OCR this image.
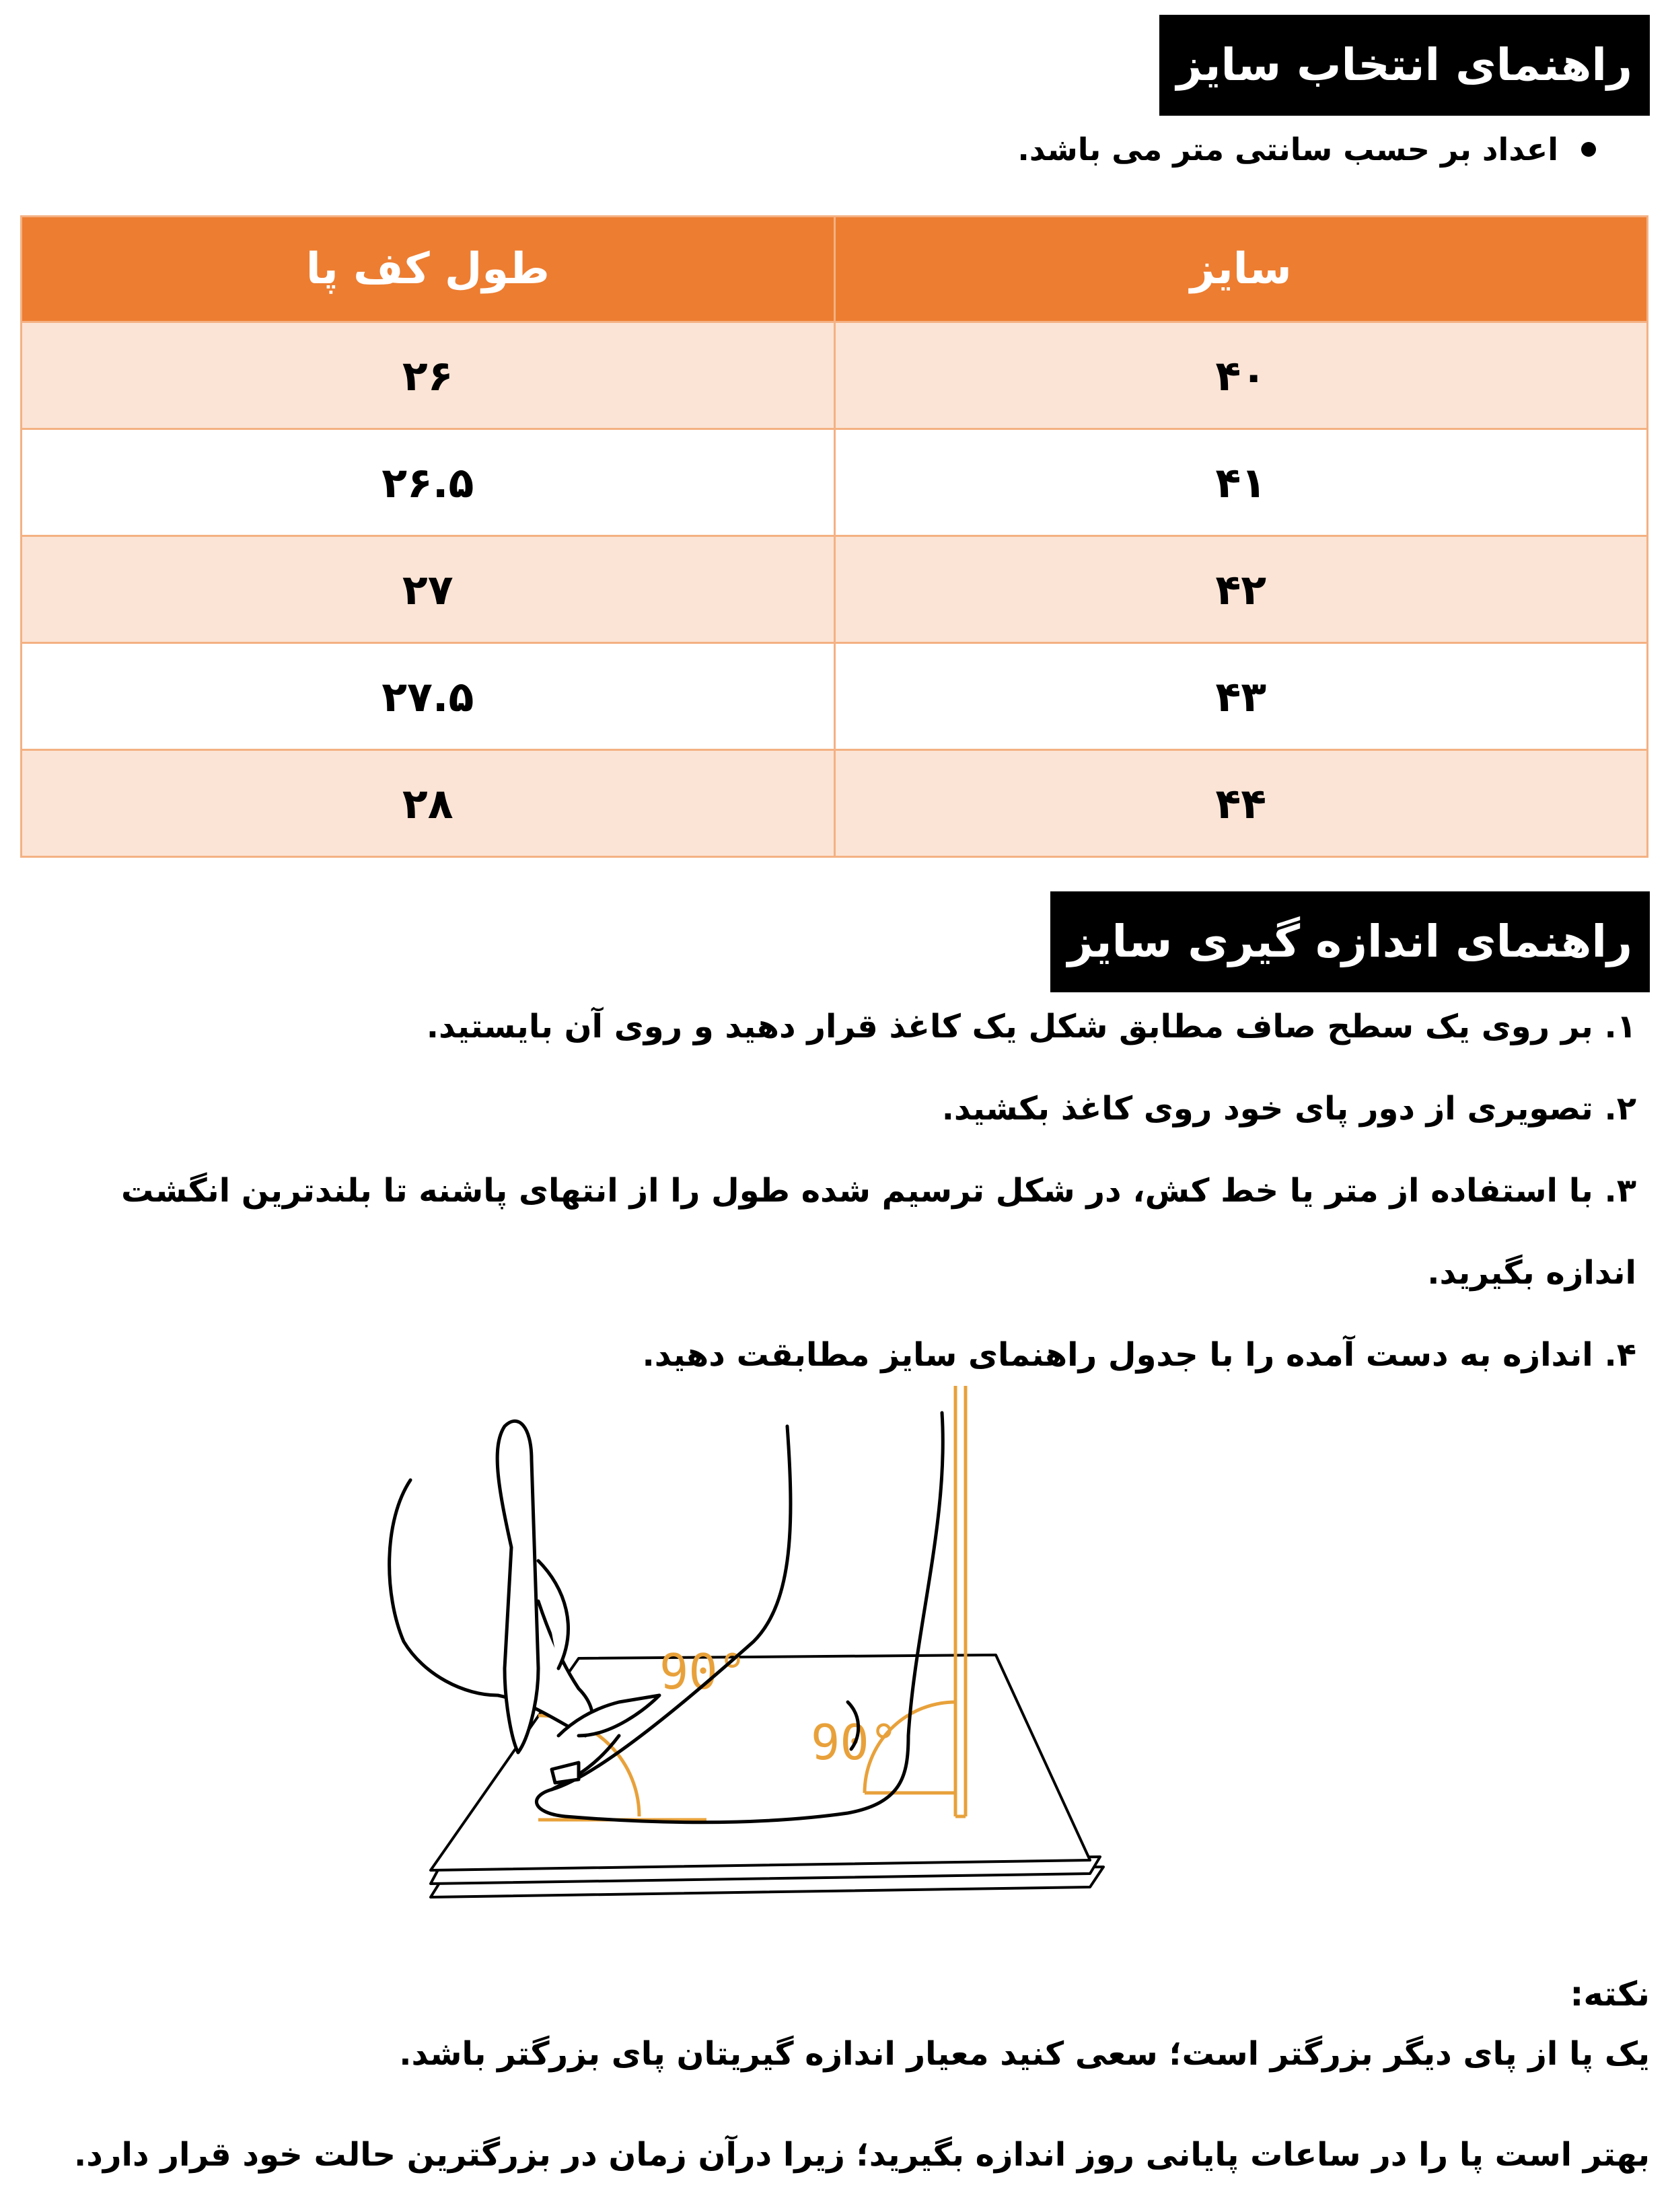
راهنمای انتخاب سایز
اعداد بر حسب سانتی متر می باشد.
سایز	طول کف پا
۴۰	۲۶
۴۱	۲۶.۵
۴۲	۲۷
۴۳	۲۷.۵
۴۴	۲۸
راهنمای اندازه گیری سایز
۱. بر روی یک سطح صاف مطابق شکل یک کاغذ قرار دهید و روی آن بایستید.
۲. تصویری از دور پای خود روی کاغذ بکشید.
۳. با استفاده از متر یا خط کش، در شکل ترسیم شده طول را از انتهای پاشنه تا بلندترین انگشت اندازه بگیرید.
۴. اندازه به دست آمده را با جدول راهنمای سایز مطابقت دهید.
90°
90°
نکته:
یک پا از پای دیگر بزرگتر است؛ سعی کنید معیار اندازه گیریتان پای بزرگتر باشد.
بهتر است پا را در ساعات پایانی روز اندازه بگیرید؛ زیرا درآن زمان در بزرگترین حالت خود قرار دارد.
